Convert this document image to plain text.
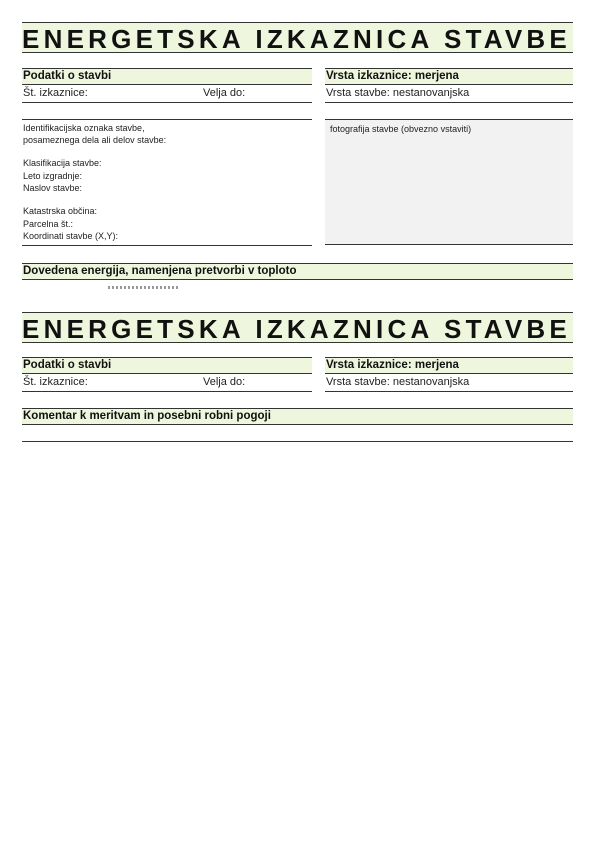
ENERGETSKA IZKAZNICA STAVBE
Podatki o stavbi	Vrsta izkaznice: merjena
Št. izkaznice:	Velja do:	Vrsta stavbe: nestanovanjska
Identifikacijska oznaka stavbe,
posameznega dela ali delov stavbe:
Klasifikacija stavbe:
Leto izgradnje:
Naslov stavbe:
Katastrska občina:
Parcelna št.:
Koordinati stavbe (X,Y):
fotografija stavbe (obvezno vstaviti)
Dovedena energija, namenjena pretvorbi v toploto
ENERGETSKA IZKAZNICA STAVBE
Podatki o stavbi	Vrsta izkaznice: merjena
Št. izkaznice:	Velja do:	Vrsta stavbe: nestanovanjska
Komentar k meritvam in posebni robni pogoji
